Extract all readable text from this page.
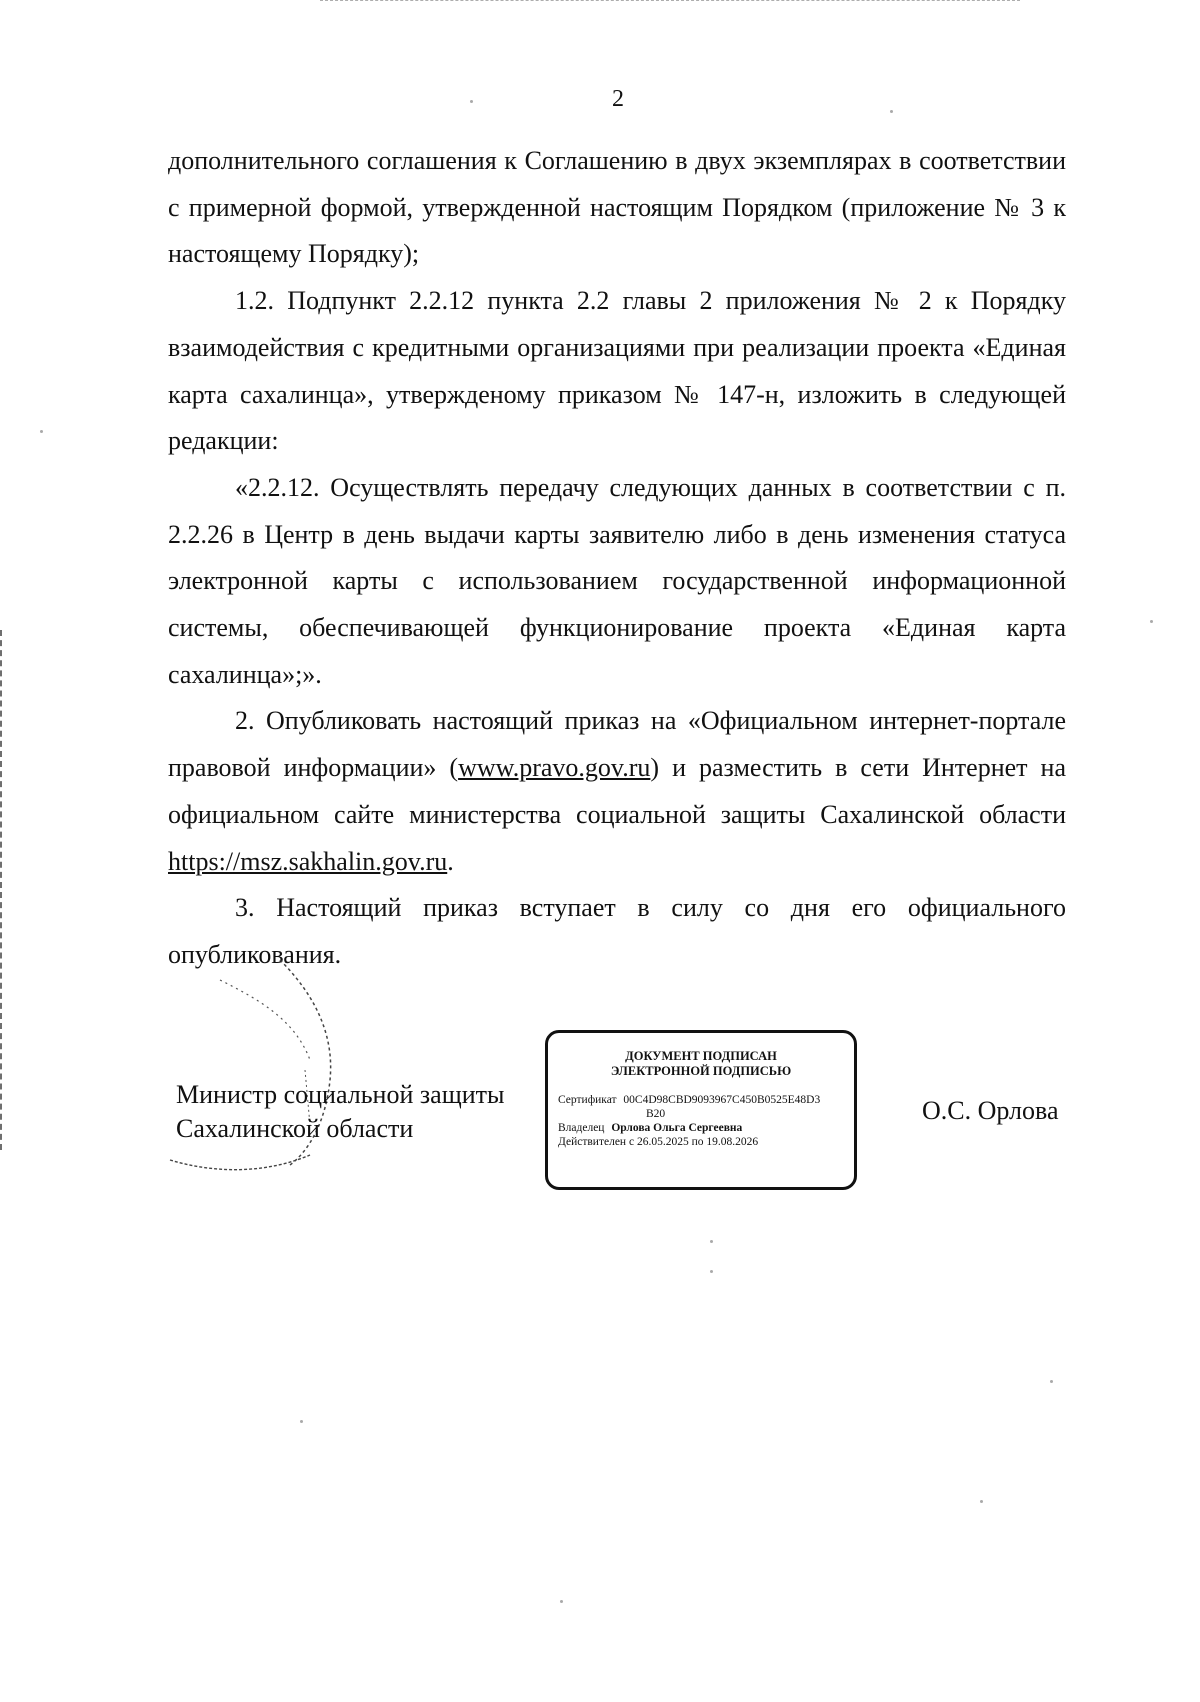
2

дополнительного соглашения к Соглашению в двух экземплярах в соответствии с примерной формой, утвержденной настоящим Порядком (приложение № 3 к настоящему Порядку);

1.2. Подпункт 2.2.12 пункта 2.2 главы 2 приложения № 2 к Порядку взаимодействия с кредитными организациями при реализации проекта «Единая карта сахалинца», утвержденому приказом № 147-н, изложить в следующей редакции:

«2.2.12. Осуществлять передачу следующих данных в соответствии с п. 2.2.26 в Центр в день выдачи карты заявителю либо в день изменения статуса электронной карты с использованием государственной информационной системы, обеспечивающей функционирование проекта «Единая карта сахалинца»;».

2. Опубликовать настоящий приказ на «Официальном интернет-портале правовой информации» (www.pravo.gov.ru) и разместить в сети Интернет на официальном сайте министерства социальной защиты Сахалинской области https://msz.sakhalin.gov.ru.

3. Настоящий приказ вступает в силу со дня его официального опубликования.

Министр социальной защиты
Сахалинской области
ДОКУМЕНТ ПОДПИСАН
ЭЛЕКТРОННОЙ ПОДПИСЬЮ
Сертификат 00C4D98CBD9093967C450B0525E48D3
B20
Владелец Орлова Ольга Сергеевна
Действителен с 26.05.2025 по 19.08.2026
О.С. Орлова
